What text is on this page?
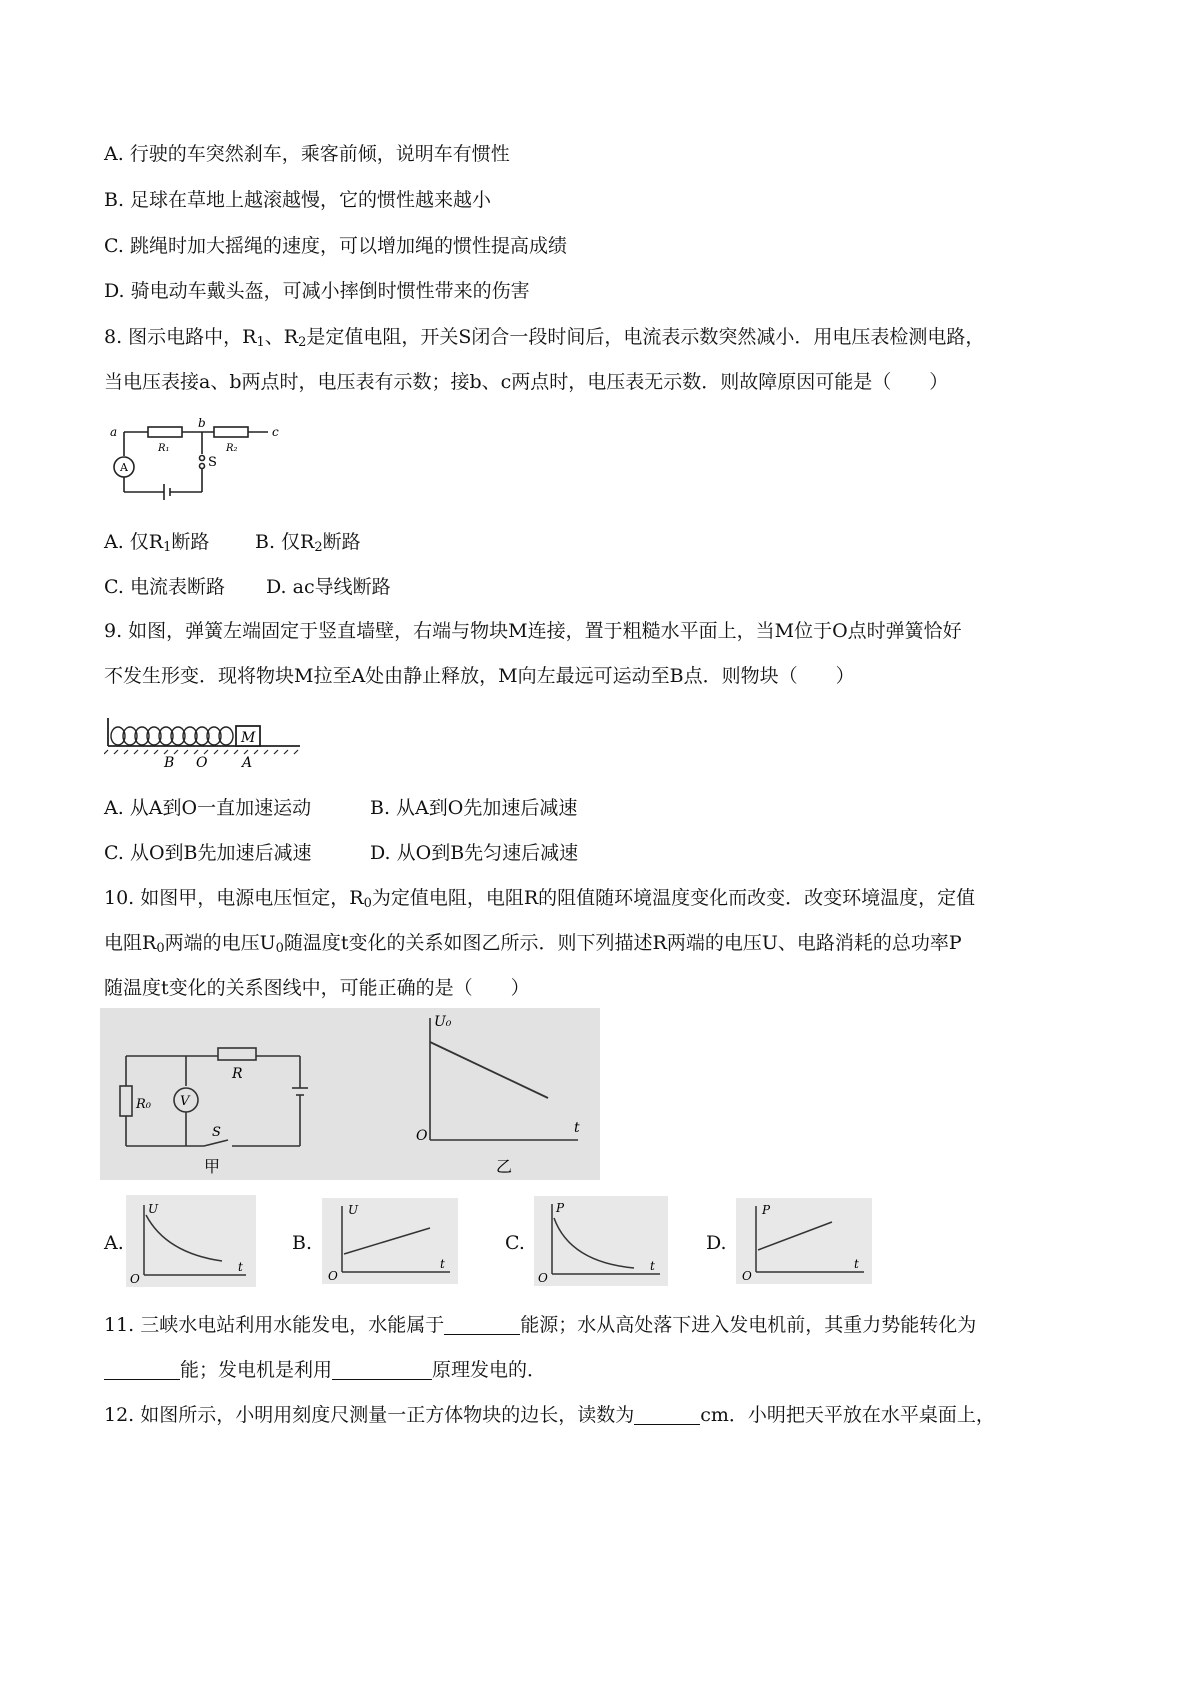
A. 行驶的车突然刹车，乘客前倾，说明车有惯性
B. 足球在草地上越滚越慢，它的惯性越来越小
C. 跳绳时加大摇绳的速度，可以增加绳的惯性提高成绩
D. 骑电动车戴头盔，可减小摔倒时惯性带来的伤害
8. 图示电路中，$R_1$、$R_2$是定值电阻，开关S闭合一段时间后，电流表示数突然减小．用电压表检测电路，
当电压表接a、b两点时，电压表有示数；接b、c两点时，电压表无示数．则故障原因可能是（　　）
a
b
c
R₁	R₂
A	S
A. 仅$R_1$断路 B. 仅$R_2$断路
C. 电流表断路 D. ac导线断路
9. 如图，弹簧左端固定于竖直墙壁，右端与物块M连接，置于粗糙水平面上，当M位于O点时弹簧恰好
不发生形变．现将物块M拉至A处由静止释放，M向左最远可运动至B点．则物块（　　）
M
B O A
A. 从A到O一直加速运动	B. 从A到O先加速后减速
C. 从O到B先加速后减速	D. 从O到B先匀速后减速
10. 如图甲，电源电压恒定，$R_0$为定值电阻，电阻R的阻值随环境温度变化而改变．改变环境温度，定值
电阻$R_0$两端的电压$U_0$随温度t变化的关系如图乙所示．则下列描述R两端的电压U、电路消耗的总功率P
随温度t变化的关系图线中，可能正确的是（　　）
R₀ V
R
S
甲
U₀
t
O
乙
A.
U
t
O
B.
U
t
O
C.
P
t
O
D.
P
t
O
11. 三峡水电站利用水能发电，水能属于	能源；水从高处落下进入发电机前，其重力势能转化为
能；发电机是利用	原理发电的．
12. 如图所示，小明用刻度尺测量一正方体物块的边长，读数为	cm．小明把天平放在水平桌面上，
